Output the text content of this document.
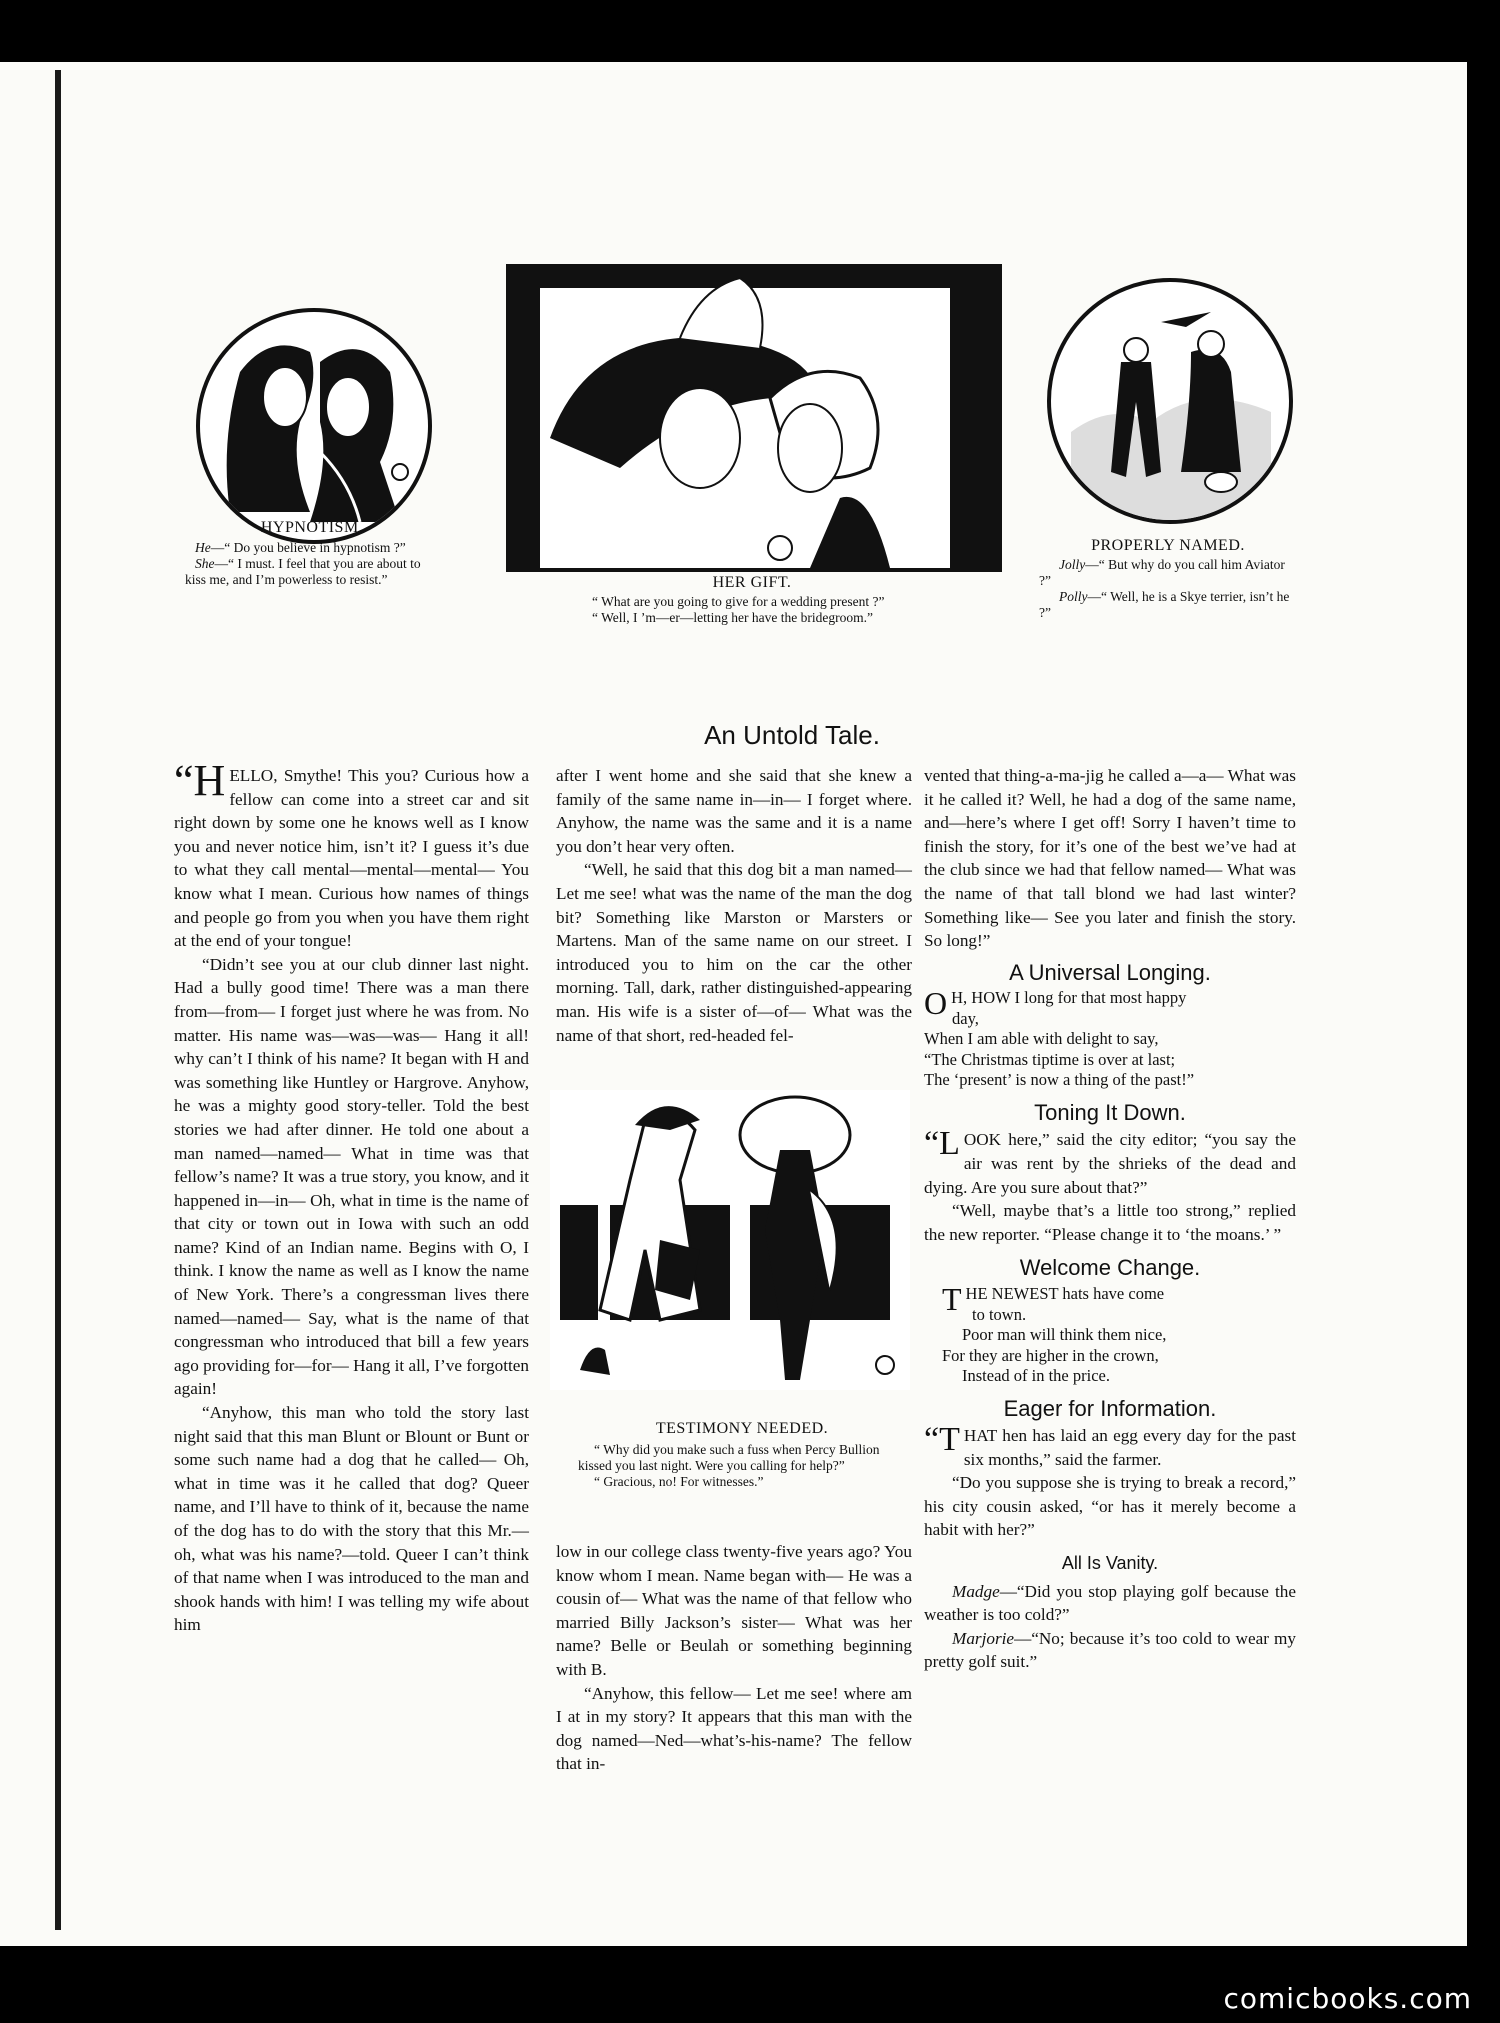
HYPNOTISM.
He—“ Do you believe in hypnotism ?”
She—“ I must. I feel that you are about to kiss me, and I’m powerless to resist.”	HER GIFT.
“ What are you going to give for a wedding present ?”
“ Well, I ’m—er—letting her have the bridegroom.”
PROPERLY NAMED.
Jolly—“ But why do you call him Aviator ?”
Polly—“ Well, he is a Skye terrier, isn’t he ?”
An Untold Tale.

“HELLO, Smythe! This you? Curious how a fellow can come into a street car and sit right down by some one he knows well as I know you and never notice him, isn’t it? I guess it’s due to what they call mental—mental—mental— You know what I mean. Curious how names of things and people go from you when you have them right at the end of your tongue!

“Didn’t see you at our club dinner last night. Had a bully good time! There was a man there from—from— I forget just where he was from. No matter. His name was—was—was— Hang it all! why can’t I think of his name? It began with H and was something like Huntley or Hargrove. Anyhow, he was a mighty good story-teller. Told the best stories we had after dinner. He told one about a man named—named— What in time was that fellow’s name? It was a true story, you know, and it happened in—in— Oh, what in time is the name of that city or town out in Iowa with such an odd name? Kind of an Indian name. Begins with O, I think. I know the name as well as I know the name of New York. There’s a congressman lives there named—named— Say, what is the name of that congressman who introduced that bill a few years ago providing for—for— Hang it all, I’ve forgotten again!

“Anyhow, this man who told the story last night said that this man Blunt or Blount or Bunt or some such name had a dog that he called— Oh, what in time was it he called that dog? Queer name, and I’ll have to think of it, because the name of the dog has to do with the story that this Mr.—oh, what was his name?—told. Queer I can’t think of that name when I was introduced to the man and shook hands with him! I was telling my wife about him

after I went home and she said that she knew a family of the same name in—in— I forget where. Anyhow, the name was the same and it is a name you don’t hear very often.

“Well, he said that this dog bit a man named— Let me see! what was the name of the man the dog bit? Something like Marston or Marsters or Martens. Man of the same name on our street. I introduced you to him on the car the other morning. Tall, dark, rather distinguished-appearing man. His wife is a sister of—of— What was the name of that short, red-headed fel-

TESTIMONY NEEDED.
“ Why did you make such a fuss when Percy Bullion kissed you last night. Were you calling for help?”
“ Gracious, no! For witnesses.”

low in our college class twenty-five years ago? You know whom I mean. Name began with— He was a cousin of— What was the name of that fellow who married Billy Jackson’s sister— What was her name? Belle or Beulah or something beginning with B.

“Anyhow, this fellow— Let me see! where am I at in my story? It appears that this man with the dog named—Ned—what’s-his-name? The fellow that in-

vented that thing-a-ma-jig he called a—a— What was it he called it? Well, he had a dog of the same name, and—here’s where I get off! Sorry I haven’t time to finish the story, for it’s one of the best we’ve had at the club since we had that fellow named— What was the name of that tall blond we had last winter? Something like— See you later and finish the story. So long!”

A Universal Longing.
O H, HOW I long for that most happy
day,
When I am able with delight to say,
“The Christmas tiptime is over at last;
The ‘present’ is now a thing of the past!”
Toning It Down.

“LOOK here,” said the city editor; “you say the air was rent by the shrieks of the dead and dying. Are you sure about that?”

“Well, maybe that’s a little too strong,” replied the new reporter. “Please change it to ‘the moans.’ ”

Welcome Change.
THE NEWEST hats have come
to town.
Poor man will think them nice,
For they are higher in the crown,
Instead of in the price.
Eager for Information.

“THAT hen has laid an egg every day for the past six months,” said the farmer.

“Do you suppose she is trying to break a record,” his city cousin asked, “or has it merely become a habit with her?”

All Is Vanity.

Madge—“Did you stop playing golf because the weather is too cold?”

Marjorie—“No; because it’s too cold to wear my pretty golf suit.”

comicbooks.com
